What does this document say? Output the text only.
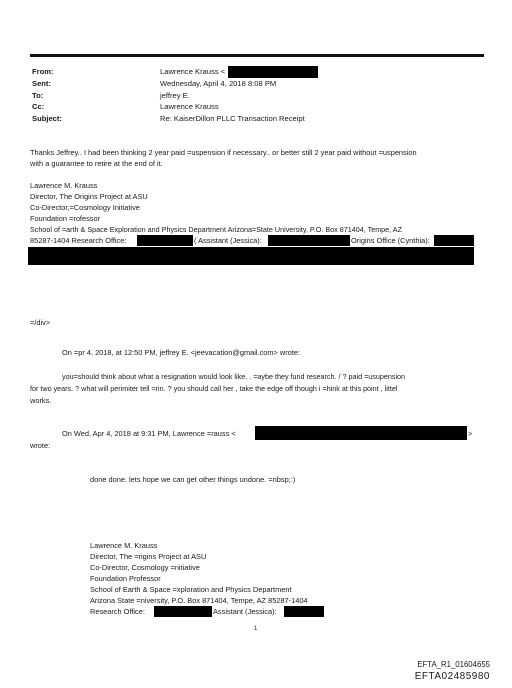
From:	Lawrence Krauss <
Sent:	Wednesday, April 4, 2018 8:08 PM
To:	jeffrey E.
Cc:	Lawrence Krauss
Subject:	Re: KaiserDillon PLLC Transaction Receipt
Thanks Jeffrey.. I had been thinking 2 year paid =uspension if necessary.. or better still 2 year paid without =uspension
with a guarantee to retire at the end of it.
Lawrence M. Krauss
Director, The Origins Project at ASU
Co-Director,=Cosmology Initiative
Foundation =rofessor
School of =arth & Space Exploration and Physics Department Arizona=State University, P.O. Box 871404, Tempe, AZ
85287-1404 Research Office:	( Assistant (Jessica):	Origins Office (Cynthia):
=/div>
On =pr 4, 2018, at 12:50 PM, jeffrey E. <jeevacation@gmail.com> wrote:
you=should think about what a resignation would look like. . =aybe they fund research. / ? paid =usupension
for two years. ? what will perimiter tell =rin. ? you should call her , take the edge off though i =hink at this point , littel
works.
On Wed, Apr 4, 2018 at 9:31 PM, Lawrence =rauss <	>
wrote:
done done. lets hope we can get other things undone. =nbsp;:)
Lawrence M. Krauss
Director, The =rigins Project at ASU
Co-Director, Cosmology =nitiative
Foundation Professor
School of Earth & Space =xploration and Physics Department
Arizona State =niversity, P.O. Box 871404, Tempe, AZ 85287-1404
Research Office:	Assistant (Jessica):
1
EFTA_R1_01604655
EFTA02485980
